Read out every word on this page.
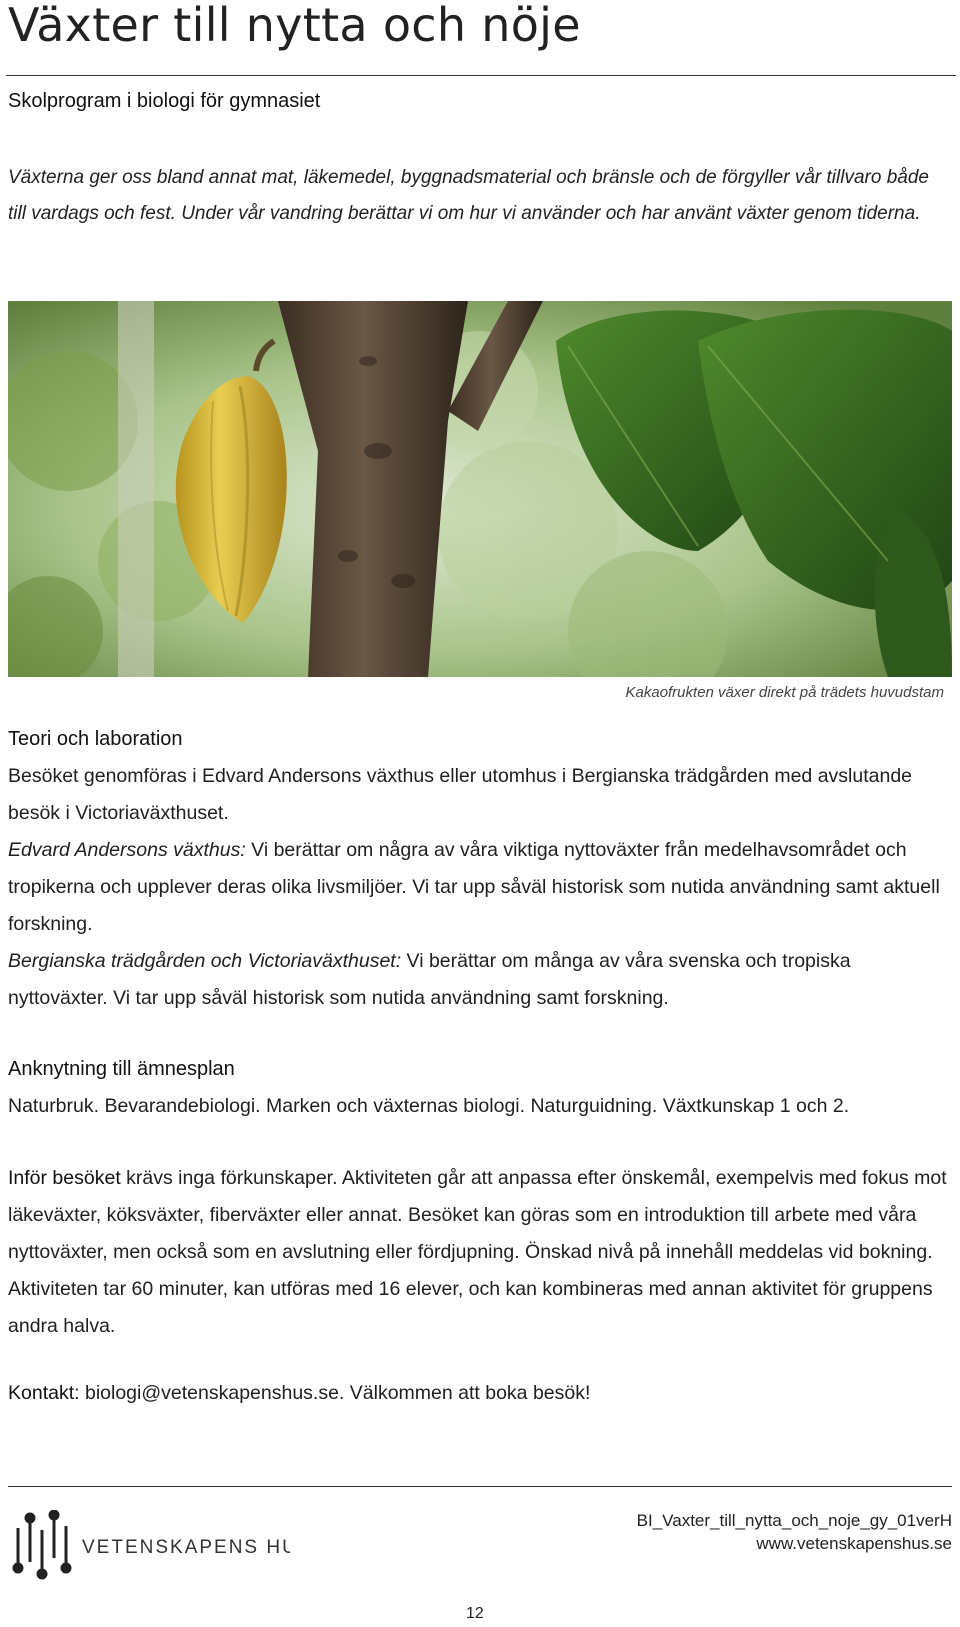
Växter till nytta och nöje
Skolprogram i biologi för gymnasiet
Växterna ger oss bland annat mat, läkemedel, byggnadsmaterial och bränsle och de förgyller vår tillvaro både till vardags och fest. Under vår vandring berättar vi om hur vi använder och har använt växter genom tiderna.
Kakaofrukten växer direkt på trädets huvudstam
Teori och laboration

Besöket genomföras i Edvard Andersons växthus eller utomhus i Bergianska trädgården med avslutande besök i Victoriaväxthuset.

Edvard Andersons växthus: Vi berättar om några av våra viktiga nyttoväxter från medelhavsområdet och tropikerna och upplever deras olika livsmiljöer. Vi tar upp såväl historisk som nutida användning samt aktuell forskning.

Bergianska trädgården och Victoriaväxthuset: Vi berättar om många av våra svenska och tropiska nyttoväxter. Vi tar upp såväl historisk som nutida användning samt forskning.

Anknytning till ämnesplan
Naturbruk. Bevarandebiologi. Marken och växternas biologi. Naturguidning. Växtkunskap 1 och 2.

Inför besöket krävs inga förkunskaper. Aktiviteten går att anpassa efter önskemål, exempelvis med fokus mot läkeväxter, köksväxter, fiberväxter eller annat. Besöket kan göras som en introduktion till arbete med våra nyttoväxter, men också som en avslutning eller fördjupning. Önskad nivå på innehåll meddelas vid bokning. Aktiviteten tar 60 minuter, kan utföras med 16 elever, och kan kombineras med annan aktivitet för gruppens andra halva.

Kontakt: biologi@vetenskapenshus.se. Välkommen att boka besök!

VETENSKAPENS HUS
BI_Vaxter_till_nytta_och_noje_gy_01verH
www.vetenskapenshus.se
12
